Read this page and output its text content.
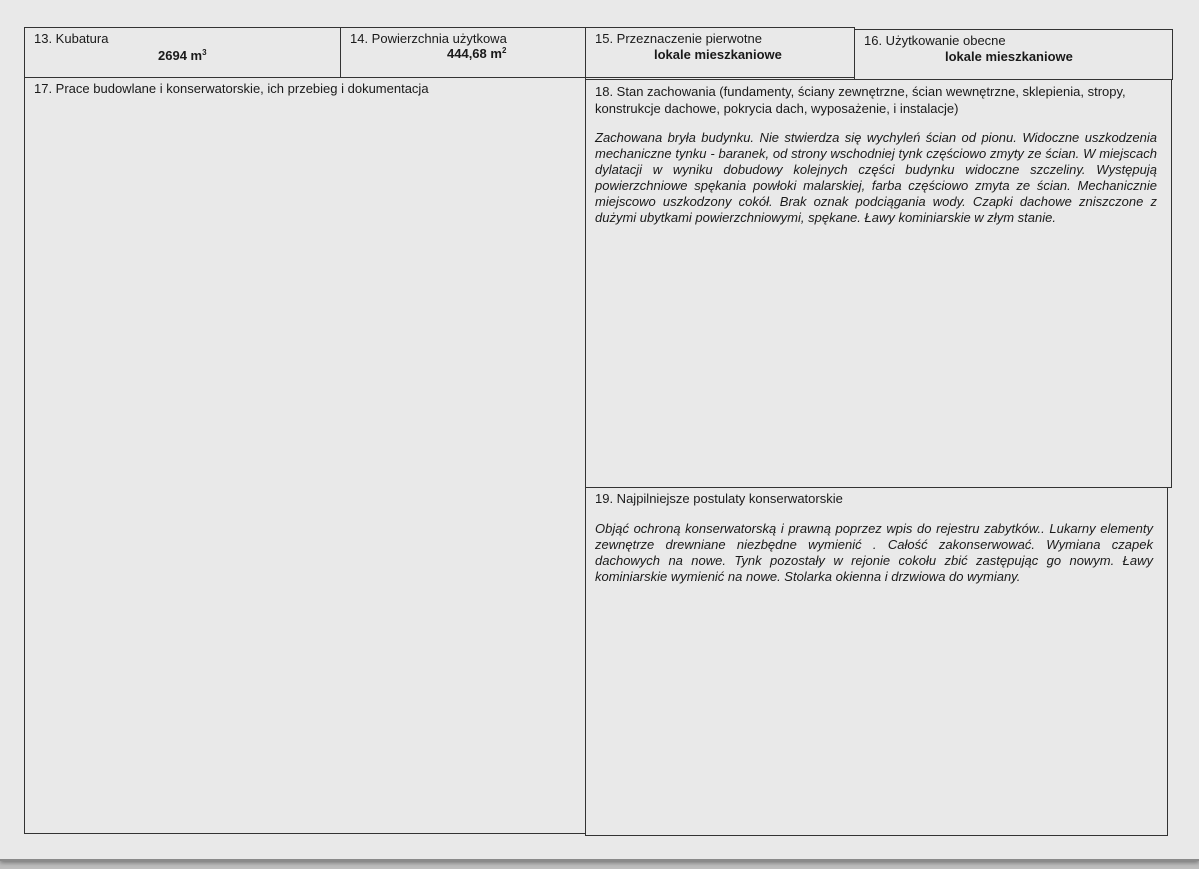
13. Kubatura
2694 $m^3$
14. Powierzchnia użytkowa
444,68 $m^2$
15. Przeznaczenie pierwotne
lokale mieszkaniowe
16. Użytkowanie obecne
lokale mieszkaniowe
17. Prace budowlane i konserwatorskie, ich przebieg i dokumentacja	18. Stan zachowania (fundamenty, ściany zewnętrzne, ścian wewnętrzne, sklepienia, stropy, konstrukcje dachowe, pokrycia dach, wyposażenie, i instalacje)
Zachowana bryła budynku. Nie stwierdza się wychyleń ścian od pionu. Widoczne uszkodzenia mechaniczne tynku - baranek, od strony wschodniej tynk częściowo zmyty ze ścian. W miejscach dylatacji w wyniku dobudowy kolejnych części budynku widoczne szczeliny. Występują powierzchniowe spękania powłoki malarskiej, farba częściowo zmyta ze ścian. Mechanicznie miejscowo uszkodzony cokół. Brak oznak podciągania wody. Czapki dachowe zniszczone z dużymi ubytkami powierzchniowymi, spękane. Ławy kominiarskie w złym stanie.
19. Najpilniejsze postulaty konserwatorskie
Objąć ochroną konserwatorską i prawną poprzez wpis do rejestru zabytków.. Lukarny elementy zewnętrze drewniane niezbędne wymienić . Całość zakonserwować. Wymiana czapek dachowych na nowe. Tynk pozostały w rejonie cokołu zbić zastępując go nowym. Ławy kominiarskie wymienić na nowe. Stolarka okienna i drzwiowa do wymiany.
